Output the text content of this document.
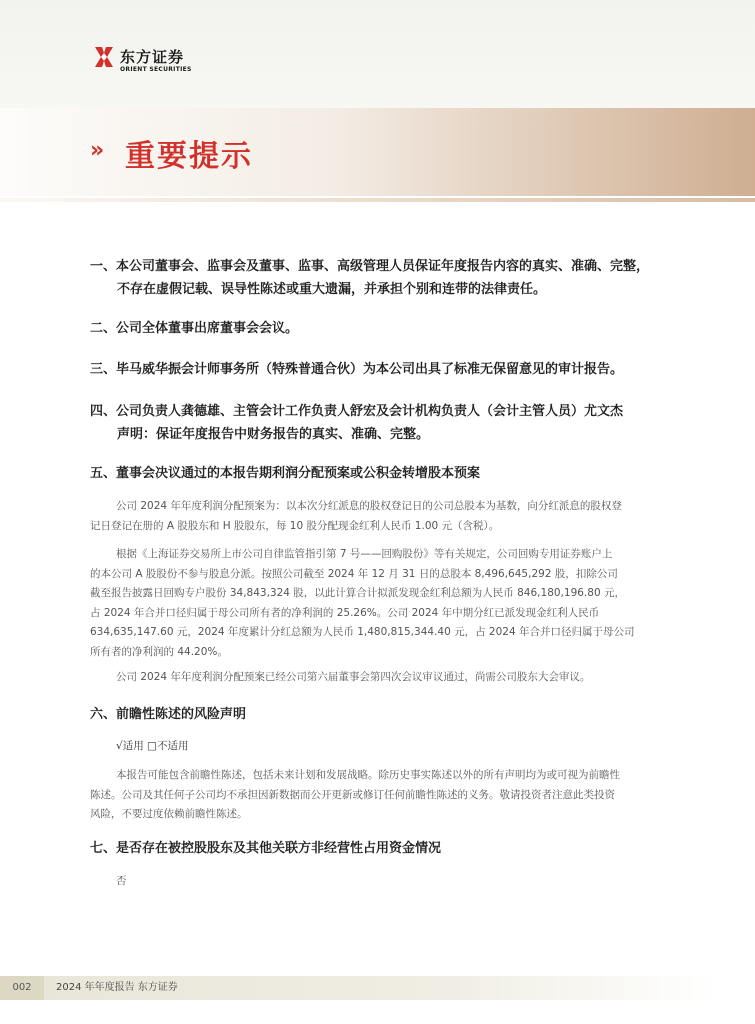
东方证券
ORIENT SECURITIES
» 重要提示
一、本公司董事会、监事会及董事、监事、高级管理人员保证年度报告内容的真实、准确、完整，
不存在虚假记载、误导性陈述或重大遗漏，并承担个别和连带的法律责任。
二、公司全体董事出席董事会会议。
三、毕马威华振会计师事务所（特殊普通合伙）为本公司出具了标准无保留意见的审计报告。
四、公司负责人龚德雄、主管会计工作负责人舒宏及会计机构负责人（会计主管人员）尤文杰
声明：保证年度报告中财务报告的真实、准确、完整。
五、董事会决议通过的本报告期利润分配预案或公积金转增股本预案
公司 2024 年年度利润分配预案为：以本次分红派息的股权登记日的公司总股本为基数，向分红派息的股权登
记日登记在册的 A 股股东和 H 股股东，每 10 股分配现金红利人民币 1.00 元（含税）。
根据《上海证券交易所上市公司自律监管指引第 7 号——回购股份》等有关规定，公司回购专用证券账户上
的本公司 A 股股份不参与股息分派。按照公司截至 2024 年 12 月 31 日的总股本 8,496,645,292 股，扣除公司
截至报告披露日回购专户股份 34,843,324 股，以此计算合计拟派发现金红利总额为人民币 846,180,196.80 元，
占 2024 年合并口径归属于母公司所有者的净利润的 25.26%。公司 2024 年中期分红已派发现金红利人民币
634,635,147.60 元，2024 年度累计分红总额为人民币 1,480,815,344.40 元，占 2024 年合并口径归属于母公司
所有者的净利润的 44.20%。
公司 2024 年年度利润分配预案已经公司第六届董事会第四次会议审议通过，尚需公司股东大会审议。
六、前瞻性陈述的风险声明
√适用 □不适用
本报告可能包含前瞻性陈述，包括未来计划和发展战略。除历史事实陈述以外的所有声明均为或可视为前瞻性
陈述。公司及其任何子公司均不承担因新数据而公开更新或修订任何前瞻性陈述的义务。敬请投资者注意此类投资
风险，不要过度依赖前瞻性陈述。
七、是否存在被控股股东及其他关联方非经营性占用资金情况
否
002	2024 年年度报告 东方证券
